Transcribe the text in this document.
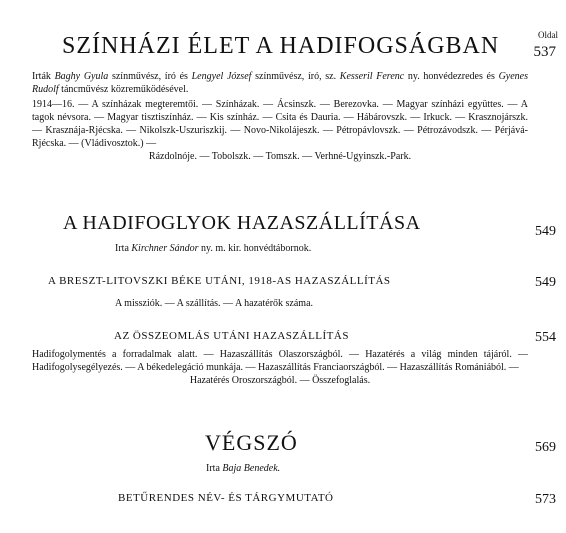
Oldal
SZÍNHÁZI ÉLET A HADIFOGSÁGBAN 537
Irták Baghy Gyula színművész, író és Lengyel József színművész, író, sz. Kesseril Ferenc ny. honvédezredes és Gyenes Rudolf táncművész közreműködésével.
1914—16. — A színházak megteremtői. — Színházak. — Ácsinszk. — Berezovka. — Magyar színházi együttes. — A tagok névsora. — Magyar tisztiszínház. — Kis színház. — Csita és Dauria. — Hábárovszk. — Irkuck. — Krasznojárszk. — Krasznája-Rjécska. — Nikolszk-Uszuriszkij. — Novo-Nikolájeszk. — Pétropávlovszk. — Pétrozávodszk. — Pérjává-Rjécska. — (Vládivosztok.) —
Rázdolnóje. — Tobolszk. — Tomszk. — Verhné-Ugyinszk.-Park.
A HADIFOGLYOK HAZASZÁLLÍTÁSA	549
Irta Kirchner Sándor ny. m. kir. honvédtábornok.
A BRESZT-LITOVSZKI BÉKE UTÁNI, 1918-AS HAZASZÁLLÍTÁS	549
A missziók. — A szállítás. — A hazatérők száma.
AZ ÖSSZEOMLÁS UTÁNI HAZASZÁLLÍTÁS	554
Hadifogolymentés a forradalmak alatt. — Hazaszállítás Olaszországból. — Hazatérés a világ minden tájáról. — Hadifogolysegélyezés. — A békedelegáció munkája. — Hazaszállítás Franciaországból. — Hazaszállítás Romániából. —
Hazatérés Oroszországból. — Összefoglalás.
VÉGSZÓ	569
Irta Baja Benedek.
BETŰRENDES NÉV- ÉS TÁRGYMUTATÓ	573
